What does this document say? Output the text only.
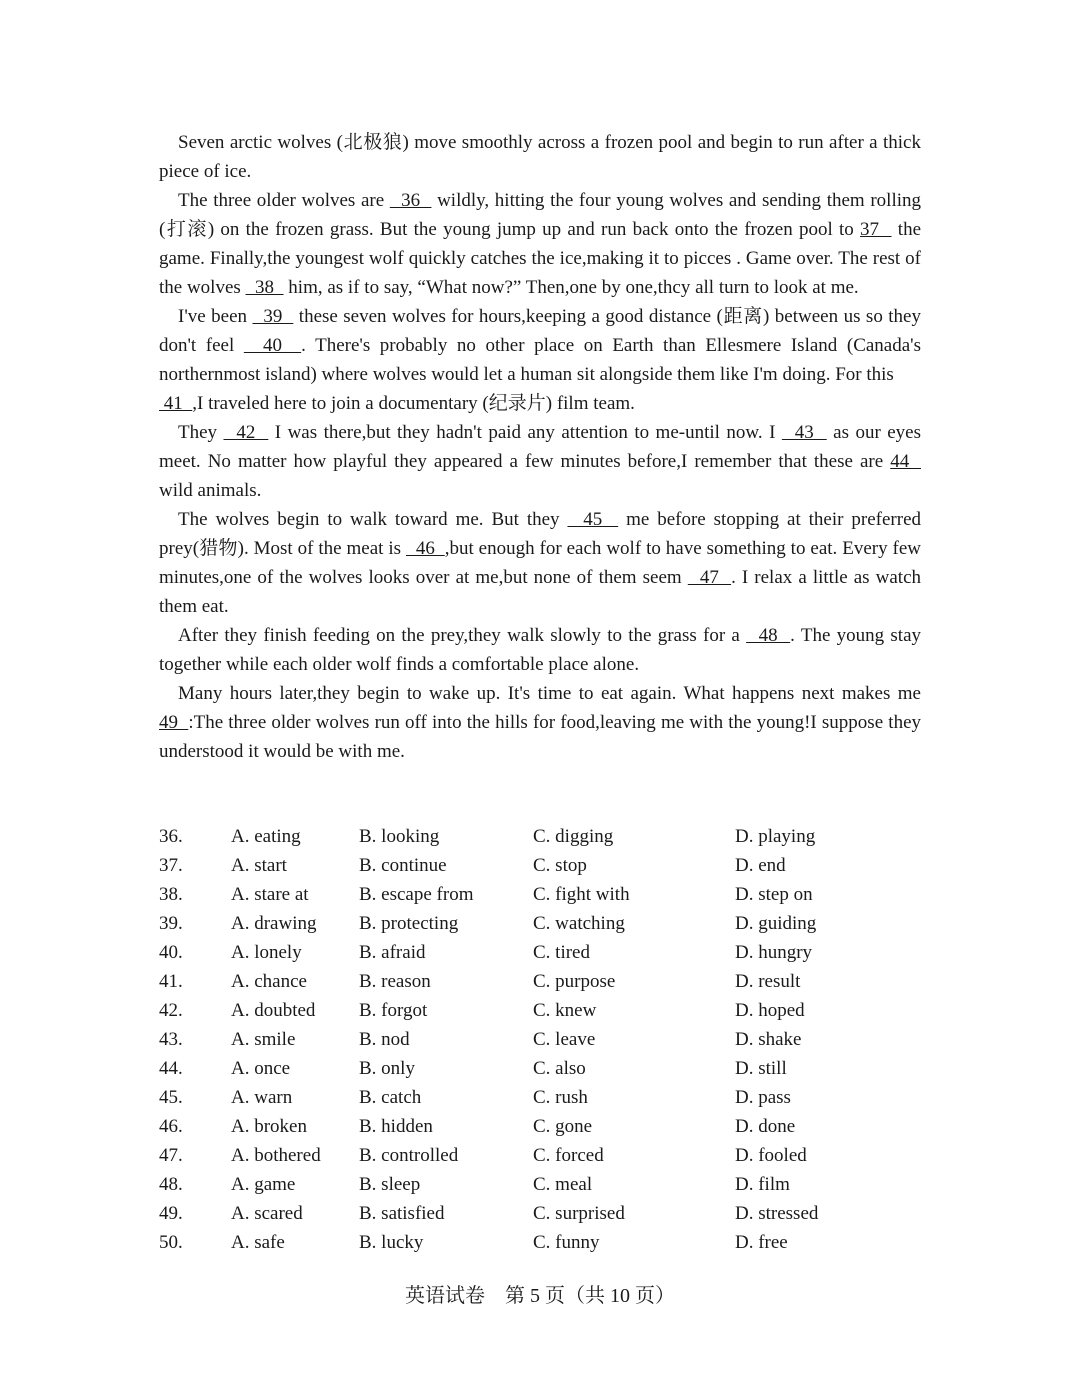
Seven arctic wolves (北极狼) move smoothly across a frozen pool and begin to run after a thick piece of ice.

The three older wolves are   36   wildly, hitting the four young wolves and sending them rolling (打滚) on the frozen grass. But the young jump up and run back onto the frozen pool to 37   the game. Finally,the youngest wolf quickly catches the ice,making it to picces . Game over. The rest of the wolves   38   him, as if to say, “What now?” Then,one by one,thcy all turn to look at me.

I've been   39   these seven wolves for hours,keeping a good distance (距离) between us so they don't feel   40  . There's probably no other place on Earth than Ellesmere Island (Canada's northernmost island) where wolves would let a human sit alongside them like I'm doing. For this

41  ,I traveled here to join a documentary (纪录片) film team.

They   42   I was there,but they hadn't paid any attention to me-until now. I   43   as our eyes meet. No matter how playful they appeared a few minutes before,I remember that these are 44   wild animals.

The wolves begin to walk toward me. But they   45   me before stopping at their preferred prey(猎物). Most of the meat is   46  ,but enough for each wolf to have something to eat. Every few minutes,one of the wolves looks over at me,but none of them seem   47  . I relax a little as watch them eat.

After they finish feeding on the prey,they walk slowly to the grass for a   48  . The young stay together while each older wolf finds a comfortable place alone.

Many hours later,they begin to wake up. It's time to eat again. What happens next makes me 49  :The three older wolves run off into the hills for food,leaving me with the young!I suppose they understood it would be with me.

36.	A. eating	B. looking	C. digging	D. playing
37.	A. start	B. continue	C. stop	D. end
38.	A. stare at	B. escape from	C. fight with	D. step on
39.	A. drawing B. protecting	C. watching	D. guiding
40.	A. lonely	B. afraid	C. tired	D. hungry
41.	A. chance	B. reason	C. purpose	D. result
42.	A. doubted B. forgot	C. knew	D. hoped
43.	A. smile	B. nod	C. leave	D. shake
44.	A. once	B. only	C. also	D. still
45.	A. warn	B. catch	C. rush	D. pass
46.	A. broken	B. hidden	C. gone	D. done
47.	A. bothered B. controlled	C. forced	D. fooled
48.	A. game	B. sleep	C. meal	D. film
49.	A. scared	B. satisfied	C. surprised	D. stressed
50.	A. safe	B. lucky	C. funny	D. free
英语试卷　第 5 页（共 10 页）
